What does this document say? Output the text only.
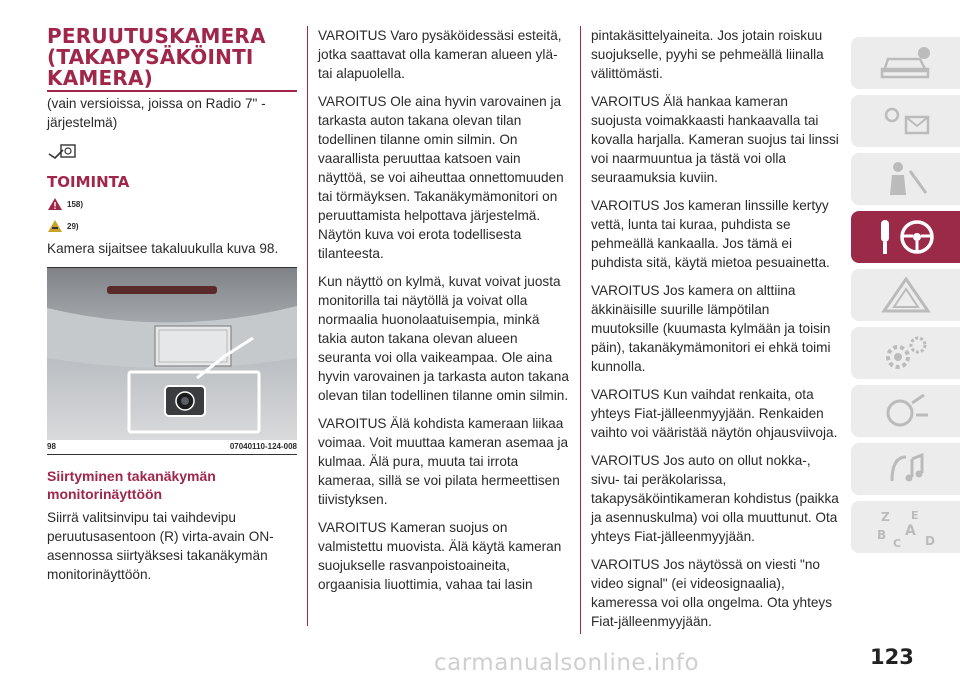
PERUUTUSKAMERA
(TAKAPYSÄKÖINTI
KAMERA)

(vain versioissa, joissa on Radio 7" -järjestelmä)

TOIMINTA
158)
29)

Kamera sijaitsee takaluukulla kuva 98.

98	07040110-124-008
Siirtyminen takanäkymän
monitorinäyttöön

Siirrä valitsinvipu tai vaihdevipu peruutusasentoon (R) virta-avain ON-asennossa siirtyäksesi takanäkymän monitorinäyttöön.

VAROITUS Varo pysäköidessäsi esteitä, jotka saattavat olla kameran alueen ylä- tai alapuolella.

VAROITUS Ole aina hyvin varovainen ja tarkasta auton takana olevan tilan todellinen tilanne omin silmin. On vaarallista peruuttaa katsoen vain näyttöä, se voi aiheuttaa onnettomuuden tai törmäyksen. Takanäkymämonitori on peruuttamista helpottava järjestelmä. Näytön kuva voi erota todellisesta tilanteesta.

Kun näyttö on kylmä, kuvat voivat juosta monitorilla tai näytöllä ja voivat olla normaalia huonolaatuisempia, minkä takia auton takana olevan alueen seuranta voi olla vaikeampaa. Ole aina hyvin varovainen ja tarkasta auton takana olevan tilan todellinen tilanne omin silmin.

VAROITUS Älä kohdista kameraan liikaa voimaa. Voit muuttaa kameran asemaa ja kulmaa. Älä pura, muuta tai irrota kameraa, sillä se voi pilata hermeettisen tiivistyksen.

VAROITUS Kameran suojus on valmistettu muovista. Älä käytä kameran suojukselle rasvanpoistoaineita, orgaanisia liuottimia, vahaa tai lasin

pintakäsittelyaineita. Jos jotain roiskuu suojukselle, pyyhi se pehmeällä liinalla välittömästi.

VAROITUS Älä hankaa kameran suojusta voimakkaasti hankaavalla tai kovalla harjalla. Kameran suojus tai linssi voi naarmuuntua ja tästä voi olla seuraamuksia kuviin.

VAROITUS Jos kameran linssille kertyy vettä, lunta tai kuraa, puhdista se pehmeällä kankaalla. Jos tämä ei puhdista sitä, käytä mietoa pesuainetta.

VAROITUS Jos kamera on alttiina äkkinäisille suurille lämpötilan muutoksille (kuumasta kylmään ja toisin päin), takanäkymämonitori ei ehkä toimi kunnolla.

VAROITUS Kun vaihdat renkaita, ota yhteys Fiat-jälleenmyyjään. Renkaiden vaihto voi vääristää näytön ohjausviivoja.

VAROITUS Jos auto on ollut nokka-, sivu- tai peräkolarissa, takapysäköintikameran kohdistus (paikka ja asennuskulma) voi olla muuttunut. Ota yhteys Fiat-jälleenmyyjään.

VAROITUS Jos näytössä on viesti "no video signal" (ei videosignaalia), kameressa voi olla ongelma. Ota yhteys Fiat-jälleenmyyjään.

Z E
B A
C D
carmanualsonline.info	123
